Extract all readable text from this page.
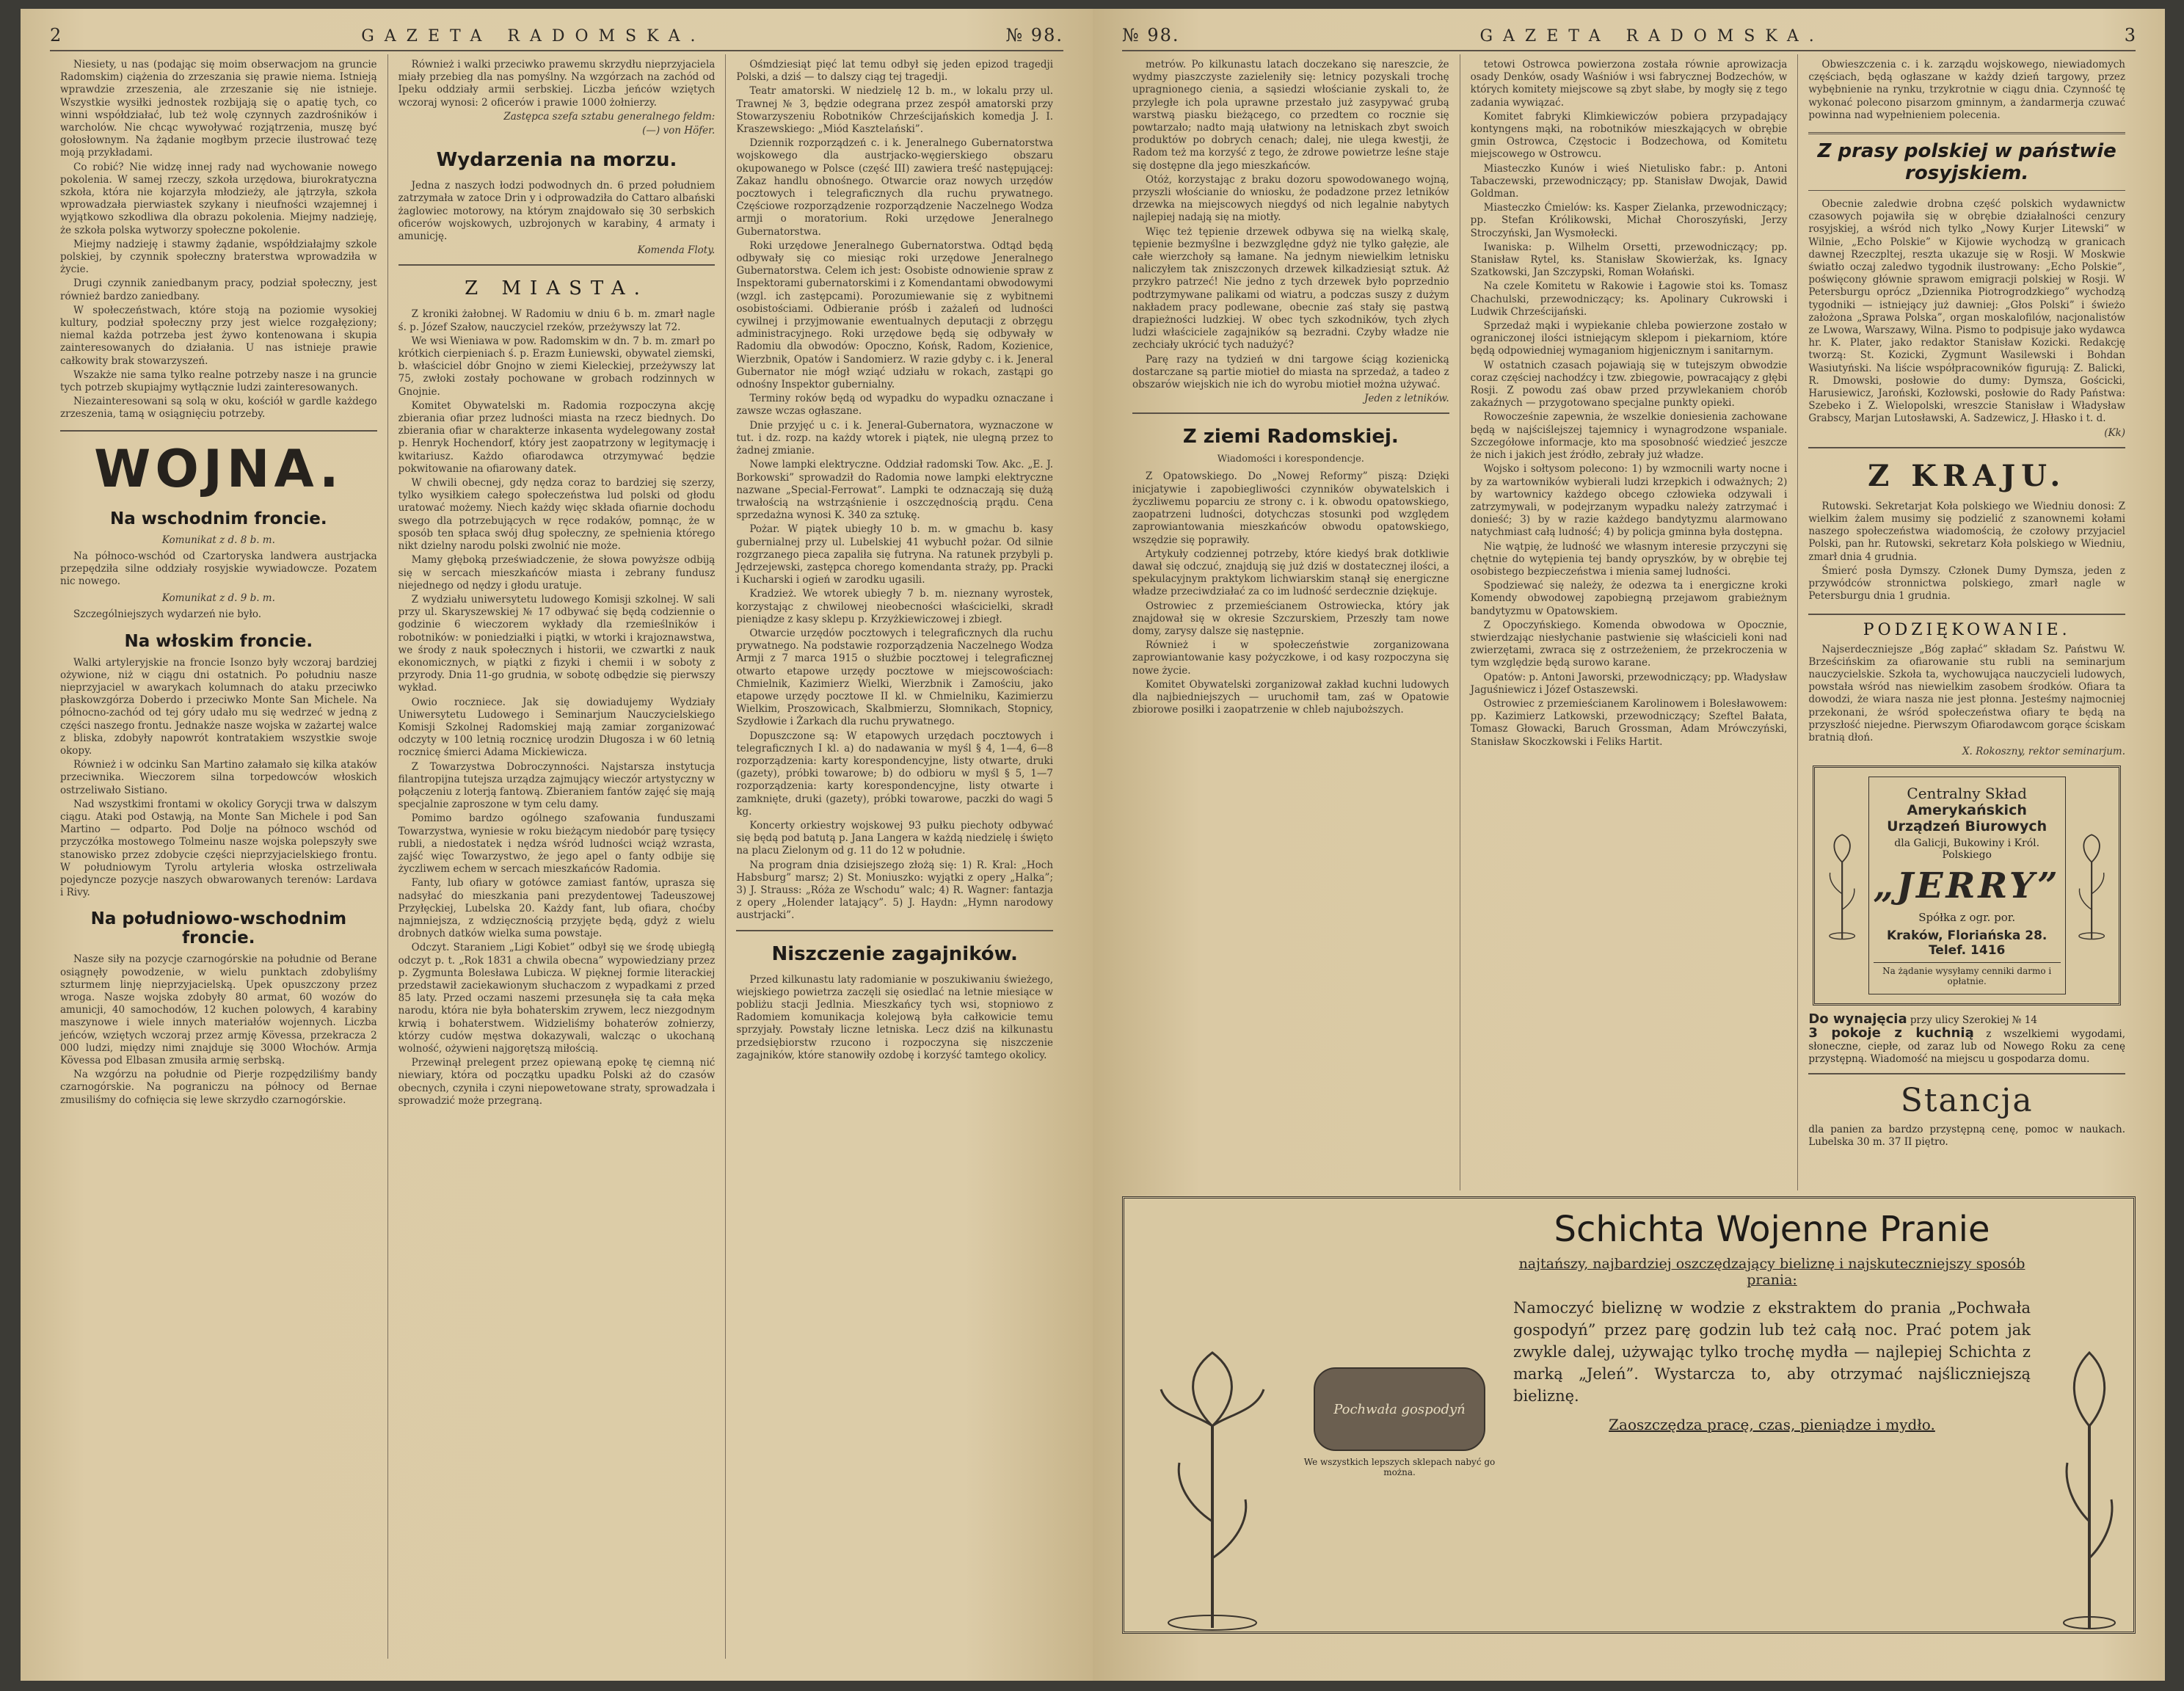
2	GAZETA RADOMSKA.	№ 98.

Niesiety, u nas (podając się moim obserwacjom na gruncie Radomskim) ciążenia do zrzeszania się prawie niema. Istnieją wprawdzie zrzeszenia, ale zrzeszanie się nie istnieje. Wszystkie wysiłki jednostek rozbijają się o apatię tych, co winni współdziałać, lub też wolę czynnych zazdrośników i warcholów. Nie chcąc wywoływać rozjątrzenia, muszę być gołosłownym. Na żądanie mogłbym przecie ilustrować tezę moją przykładami.

Co robić? Nie widzę innej rady nad wychowanie nowego pokolenia. W samej rzeczy, szkoła urzędowa, biurokratyczna szkoła, która nie kojarzyła młodzieży, ale jątrzyła, szkoła wprowadzała pierwiastek szykany i nieufności wzajemnej i wyjątkowo szkodliwa dla obrazu pokolenia. Miejmy nadzieję, że szkoła polska wytworzy społeczne pokolenie.

Miejmy nadzieję i stawmy żądanie, współdziałajmy szkole polskiej, by czynnik społeczny braterstwa wprowadziła w życie.

Drugi czynnik zaniedbanym pracy, podział społeczny, jest również bardzo zaniedbany.

W społeczeństwach, które stoją na poziomie wysokiej kultury, podział społeczny przy jest wielce rozgałęziony; niemal każda potrzeba jest żywo kontenowana i skupia zainteresowanych do działania. U nas istnieje prawie całkowity brak stowarzyszeń.

Wszakże nie sama tylko realne potrzeby nasze i na gruncie tych potrzeb skupiajmy wytłącznie ludzi zainteresowanych.

Niezainteresowani są solą w oku, kościół w gardle każdego zrzeszenia, tamą w osiągnięciu potrzeby.

WOJNA.
Na wschodnim froncie.
Komunikat z d. 8 b. m.

Na północo-wschód od Czartoryska landwera austrjacka przepędziła silne oddziały rosyjskie wywiadowcze. Pozatem nic nowego.

Komunikat z d. 9 b. m.

Szczególniejszych wydarzeń nie było.

Na włoskim froncie.

Walki artyleryjskie na froncie Isonzo były wczoraj bardziej ożywione, niż w ciągu dni ostatnich. Po południu nasze nieprzyjaciel w awarykach kolumnach do ataku przeciwko płaskowzgórza Doberdo i przeciwko Monte San Michele. Na północno-zachód od tej góry udało mu się wedrzeć w jedną z części naszego frontu. Jednakże nasze wojska w zażartej walce z bliska, zdobyły napowrót kontratakiem wszystkie swoje okopy.

Również i w odcinku San Martino załamało się kilka ataków przeciwnika. Wieczorem silna torpedowców włoskich ostrzeliwało Sistiano.

Nad wszystkimi frontami w okolicy Gorycji trwa w dalszym ciągu. Ataki pod Ostawją, na Monte San Michele i pod San Martino — odparto. Pod Dolje na północo wschód od przyczółka mostowego Tolmeinu nasze wojska polepszyły swe stanowisko przez zdobycie części nieprzyjacielskiego frontu. W południowym Tyrolu artyleria włoska ostrzeliwała pojedyncze pozycje naszych obwarowanych terenów: Lardava i Rivy.

Na południowo-wschodnim froncie.

Nasze siły na pozycje czarnogórskie na południe od Berane osiągnęły powodzenie, w wielu punktach zdobyliśmy szturmem linję nieprzyjacielską. Upek opuszczony przez wroga. Nasze wojska zdobyły 80 armat, 60 wozów do amunicji, 40 samochodów, 12 kuchen polowych, 4 karabiny maszynowe i wiele innych materiałów wojennych. Liczba jeńców, wziętych wczoraj przez armję Kövessa, przekracza 2 000 ludzi, między nimi znajduje się 3000 Włochów. Armja Kövessa pod Elbasan zmusiła armię serbską.

Na wzgórzu na południe od Pierje rozpędziliśmy bandy czarnogórskie. Na pograniczu na północy od Bernae zmusiliśmy do cofnięcia się lewe skrzydło czarnogórskie.

Również i walki przeciwko prawemu skrzydłu nieprzyjaciela miały przebieg dla nas pomyślny. Na wzgórzach na zachód od Ipeku oddziały armii serbskiej. Liczba jeńców wziętych wczoraj wynosi: 2 oficerów i prawie 1000 żołnierzy.

Zastępca szefa sztabu generalnego feldm:

(—) von Höfer.

Wydarzenia na morzu.

Jedna z naszych łodzi podwodnych dn. 6 przed południem zatrzymała w zatoce Drin y i odprowadziła do Cattaro albański żaglowiec motorowy, na którym znajdowało się 30 serbskich oficerów wojskowych, uzbrojonych w karabiny, 4 armaty i amunicję.

Komenda Floty.

Z MIASTA.

Z kroniki żałobnej. W Radomiu w dniu 6 b. m. zmarł nagle ś. p. Józef Szałow, nauczyciel rzeków, przeżywszy lat 72.

We wsi Wieniawa w pow. Radomskim w dn. 7 b. m. zmarł po krótkich cierpieniach ś. p. Erazm Łuniewski, obywatel ziemski, b. właściciel dóbr Gnojno w ziemi Kieleckiej, przeżywszy lat 75, zwłoki zostały pochowane w grobach rodzinnych w Gnojnie.

Komitet Obywatelski m. Radomia rozpoczyna akcję zbierania ofiar przez ludności miasta na rzecz biednych. Do zbierania ofiar w charakterze inkasenta wydelegowany został p. Henryk Hochendorf, który jest zaopatrzony w legitymację i kwitariusz. Każdo ofiarodawca otrzymywać będzie pokwitowanie na ofiarowany datek.

W chwili obecnej, gdy nędza coraz to bardziej się szerzy, tylko wysiłkiem całego społeczeństwa lud polski od głodu uratować możemy. Niech każdy więc składa ofiarnie dochodu swego dla potrzebujących w ręce rodaków, pomnąc, że w sposób ten spłaca swój dług społeczny, ze spełnienia którego nikt dzielny narodu polski zwolnić nie może.

Mamy głęboką przeświadczenie, że słowa powyższe odbiją się w sercach mieszkańców miasta i zebrany fundusz niejednego od nędzy i głodu uratuje.

Z wydziału uniwersytetu ludowego Komisji szkolnej. W sali przy ul. Skaryszewskiej № 17 odbywać się będą codziennie o godzinie 6 wieczorem wykłady dla rzemieślników i robotników: w poniedziałki i piątki, w wtorki i krajoznawstwa, we środy z nauk społecznych i historii, we czwartki z nauk ekonomicznych, w piątki z fizyki i chemii i w soboty z przyrody. Dnia 11-go grudnia, w sobotę odbędzie się pierwszy wykład.

Owio roczniece. Jak się dowiadujemy Wydziały Uniwersytetu Ludowego i Seminarjum Nauczycielskiego Komisji Szkolnej Radomskiej mają zamiar zorganizować odczyty w 100 letnią rocznicę urodzin Długosza i w 60 letnią rocznicę śmierci Adama Mickiewicza.

Z Towarzystwa Dobroczynności. Najstarsza instytucja filantropijna tutejsza urządza zajmujący wieczór artystyczny w połączeniu z loterją fantową. Zbieraniem fantów zajęć się mają specjalnie zaproszone w tym celu damy.

Pomimo bardzo ogólnego szafowania funduszami Towarzystwa, wyniesie w roku bieżącym niedobór parę tysięcy rubli, a niedostatek i nędza wśród ludności wciąż wzrasta, zajść więc Towarzystwo, że jego apel o fanty odbije się życzliwem echem w sercach mieszkańców Radomia.

Fanty, lub ofiary w gotówce zamiast fantów, uprasza się nadsyłać do mieszkania pani prezydentowej Tadeuszowej Przyłęckiej, Lubelska 20. Każdy fant, lub ofiara, choćby najmniejsza, z wdzięcznością przyjęte będą, gdyż z wielu drobnych datków wielka suma powstaje.

Odczyt. Staraniem „Ligi Kobiet” odbył się we środę ubiegłą odczyt p. t. „Rok 1831 a chwila obecna” wypowiedziany przez p. Zygmunta Bolesława Lubicza. W pięknej formie literackiej przedstawił zaciekawionym słuchaczom z wypadkami z przed 85 laty. Przed oczami naszemi przesunęła się ta cała męka narodu, która nie była bohaterskim zrywem, lecz niezgodnym krwią i bohaterstwem. Widzieliśmy bohaterów zołnierzy, którzy cudów męstwa dokazywali, walcząc o ukochaną wolność, ożywieni najgorętszą miłością.

Przewinął prelegent przez opiewaną epokę tę ciemną nić niewiary, która od początku upadku Polski aż do czasów obecnych, czyniła i czyni niepowetowane straty, sprowadzała i sprowadzić może przegraną.

Ośmdziesiąt pięć lat temu odbył się jeden epizod tragedji Polski, a dziś — to dalszy ciąg tej tragedji.

Teatr amatorski. W niedzielę 12 b. m., w lokalu przy ul. Trawnej № 3, będzie odegrana przez zespół amatorski przy Stowarzyszeniu Robotników Chrześcijańskich komedja J. I. Kraszewskiego: „Miód Kasztelański”.

Dziennik rozporządzeń c. i k. Jeneralnego Gubernatorstwa wojskowego dla austrjacko-węgierskiego obszaru okupowanego w Polsce (część III) zawiera treść następującej: Zakaz handlu obnośnego. Otwarcie oraz nowych urzędów pocztowych i telegraficznych dla ruchu prywatnego. Częściowe rozporządzenie rozporządzenie Naczelnego Wodza armji o moratorium. Roki urzędowe Jeneralnego Gubernatorstwa.

Roki urzędowe Jeneralnego Gubernatorstwa. Odtąd będą odbywały się co miesiąc roki urzędowe Jeneralnego Gubernatorstwa. Celem ich jest: Osobiste odnowienie spraw z Inspektorami gubernatorskimi i z Komendantami obwodowymi (wzgl. ich zastępcami). Porozumiewanie się z wybitnemi osobistościami. Odbieranie próśb i zażaleń od ludności cywilnej i przyjmowanie ewentualnych deputacji z obrzęgu administracyjnego. Roki urzędowe będą się odbywały w Radomiu dla obwodów: Opoczno, Końsk, Radom, Kozienice, Wierzbnik, Opatów i Sandomierz. W razie gdyby c. i k. Jeneral Gubernator nie mógł wziąć udziału w rokach, zastąpi go odnośny Inspektor gubernialny.

Terminy roków będą od wypadku do wypadku oznaczane i zawsze wczas ogłaszane.

Dnie przyjęć u c. i k. Jeneral-Gubernatora, wyznaczone w tut. i dz. rozp. na każdy wtorek i piątek, nie ulegną przez to żadnej zmianie.

Nowe lampki elektryczne. Oddział radomski Tow. Akc. „E. J. Borkowski” sprowadził do Radomia nowe lampki elektryczne nazwane „Special-Ferrowat”. Lampki te odznaczają się dużą trwałością na wstrząśnienie i oszczędnością prądu. Cena sprzedażna wynosi K. 340 za sztukę.

Pożar. W piątek ubiegły 10 b. m. w gmachu b. kasy gubernialnej przy ul. Lubelskiej 41 wybuchł pożar. Od silnie rozgrzanego pieca zapaliła się futryna. Na ratunek przybyli p. Jędrzejewski, zastępca chorego komendanta straży, pp. Pracki i Kucharski i ogień w zarodku ugasili.

Kradzież. We wtorek ubiegły 7 b. m. nieznany wyrostek, korzystając z chwilowej nieobecności właścicielki, skradł pieniądze z kasy sklepu p. Krzyżkiewiczowej i zbiegł.

Otwarcie urzędów pocztowych i telegraficznych dla ruchu prywatnego. Na podstawie rozporządzenia Naczelnego Wodza Armji z 7 marca 1915 o służbie pocztowej i telegraficznej otwarto etapowe urzędy pocztowe w miejscowościach: Chmielnik, Kazimierz Wielki, Wierzbnik i Zamościu, jako etapowe urzędy pocztowe II kl. w Chmielniku, Kazimierzu Wielkim, Proszowicach, Skalbmierzu, Słomnikach, Stopnicy, Szydłowie i Żarkach dla ruchu prywatnego.

Dopuszczone są: W etapowych urzędach pocztowych i telegraficznych I kl. a) do nadawania w myśl § 4, 1—4, 6—8 rozporządzenia: karty korespondencyjne, listy otwarte, druki (gazety), próbki towarowe; b) do odbioru w myśl § 5, 1—7 rozporządzenia: karty korespondencyjne, listy otwarte i zamknięte, druki (gazety), próbki towarowe, paczki do wagi 5 kg.

Koncerty orkiestry wojskowej 93 pułku piechoty odbywać się będą pod batutą p. Jana Langera w każdą niedzielę i święto na placu Zielonym od g. 11 do 12 w południe.

Na program dnia dzisiejszego złożą się: 1) R. Kral: „Hoch Habsburg” marsz; 2) St. Moniuszko: wyjątki z opery „Halka”; 3) J. Strauss: „Róża ze Wschodu” walc; 4) R. Wagner: fantazja z opery „Holender latający”. 5) J. Haydn: „Hymn narodowy austrjacki”.

Niszczenie zagajników.

Przed kilkunastu laty radomianie w poszukiwaniu świeżego, wiejskiego powietrza zaczęli się osiedlać na letnie miesiące w pobliżu stacji Jedlnia. Mieszkańcy tych wsi, stopniowo z Radomiem komunikacja kolejową była całkowicie temu sprzyjały. Powstały liczne letniska. Lecz dziś na kilkunastu przedsiębiorstw rzucono i rozpoczyna się niszczenie zagajników, które stanowiły ozdobę i korzyść tamtego okolicy.

№ 98.	GAZETA RADOMSKA.	3

metrów. Po kilkunastu latach doczekano się nareszcie, że wydmy piaszczyste zazieleniły się: letnicy pozyskali trochę upragnionego cienia, a sąsiedzi włościanie zyskali to, że przyległe ich pola uprawne przestało już zasypywać grubą warstwą piasku bieżącego, co przedtem co rocznie się powtarzało; nadto mają ułatwiony na letniskach zbyt swoich produktów po dobrych cenach; dalej, nie ulega kwestji, że Radom też ma korzyść z tego, że zdrowe powietrze leśne staje się dostępne dla jego mieszkańców.

Otóż, korzystając z braku dozoru spowodowanego wojną, przyszli włościanie do wniosku, że podadzone przez letników drzewka na miejscowych niegdyś od nich legalnie nabytych najlepiej nadają się na miotły.

Więc też tępienie drzewek odbywa się na wielką skalę, tępienie bezmyślne i bezwzględne gdyż nie tylko gałęzie, ale całe wierzchoły są łamane. Na jednym niewielkim letnisku naliczyłem tak zniszczonych drzewek kilkadziesiąt sztuk. Aż przykro patrzeć! Nie jedno z tych drzewek było poprzednio podtrzymywane palikami od wiatru, a podczas suszy z dużym nakładem pracy podlewane, obecnie zaś stały się pastwą drapieżności ludzkiej. W obec tych szkodników, tych złych ludzi właściciele zagajników są bezradni. Czyby władze nie zechciały ukrócić tych nadużyć?

Parę razy na tydzień w dni targowe ściąg kozienicką dostarczane są partie miotieł do miasta na sprzedaż, a tadeo z obszarów wiejskich nie ich do wyrobu miotieł można używać.

Jeden z letników.

Z ziemi Radomskiej.
Wiadomości i korespondencje.

Z Opatowskiego. Do „Nowej Reformy” piszą: Dzięki inicjatywie i zapobiegliwości czynników obywatelskich i życzliwemu poparciu ze strony c. i k. obwodu opatowskiego, zaopatrzeni ludności, dotychczas stosunki pod względem zaprowiantowania mieszkańców obwodu opatowskiego, wszędzie się poprawiły.

Artykuły codziennej potrzeby, które kiedyś brak dotkliwie dawał się odczuć, znajdują się już dziś w dostatecznej ilości, a spekulacyjnym praktykom lichwiarskim stanął się energiczne władze przeciwdziałać za co im ludność serdecznie dziękuje.

Ostrowiec z przemieścianem Ostrowiecka, który jak znajdował się w okresie Szczurskiem, Przeszły tam nowe domy, zarysy dalsze się następnie.

Również i w społeczeństwie zorganizowana zaprowiantowanie kasy pożyczkowe, i od kasy rozpoczyna się nowe życie.

Komitet Obywatelski zorganizował zakład kuchni ludowych dla najbiedniejszych — uruchomił tam, zaś w Opatowie zbiorowe posiłki i zaopatrzenie w chleb najuboższych.

tetowi Ostrowca powierzona została równie aprowizacja osady Denków, osady Waśniów i wsi fabrycznej Bodzechów, w których komitety miejscowe są zbyt słabe, by mogły się z tego zadania wywiązać.

Komitet fabryki Klimkiewiczów pobiera przypadający kontyngens mąki, na robotników mieszkających w obrębie gmin Ostrowca, Częstocic i Bodzechowa, od Komitetu miejscowego w Ostrowcu.

Miasteczko Kunów i wieś Nietulisko fabr.: p. Antoni Tabaczewski, przewodniczący; pp. Stanisław Dwojak, Dawid Goldman.

Miasteczko Ćmielów: ks. Kasper Zielanka, przewodniczący; pp. Stefan Królikowski, Michał Choroszyński, Jerzy Stroczyński, Jan Wysmołecki.

Iwaniska: p. Wilhelm Orsetti, przewodniczący; pp. Stanisław Rytel, ks. Stanisław Skowierżak, ks. Ignacy Szatkowski, Jan Szczypski, Roman Wołański.

Na czele Komitetu w Rakowie i Łagowie stoi ks. Tomasz Chachulski, przewodniczący; ks. Apolinary Cukrowski i Ludwik Chrześcijański.

Sprzedaż mąki i wypiekanie chleba powierzone zostało w ograniczonej ilości istniejącym sklepom i piekarniom, które będą odpowiedniej wymaganiom higjenicznym i sanitarnym.

W ostatnich czasach pojawiają się w tutejszym obwodzie coraz częściej nachodźcy i tzw. zbiegowie, powracający z głębi Rosji. Z powodu zaś obaw przed przywlekaniem chorób zakaźnych — przygotowano specjalne punkty opieki.

Rowocześnie zapewnia, że wszelkie doniesienia zachowane będą w najściślejszej tajemnicy i wynagrodzone wspaniale. Szczegółowe informacje, kto ma sposobność wiedzieć jeszcze że nich i jakich jest źródło, zebrały już władze.

Wojsko i sołtysom polecono: 1) by wzmocnili warty nocne i by za wartowników wybierali ludzi krzepkich i odważnych; 2) by wartownicy każdego obcego człowieka odzywali i zatrzymywali, w podejrzanym wypadku należy zatrzymać i donieść; 3) by w razie każdego bandytyzmu alarmowano natychmiast całą ludność; 4) by policja gminna była dostępna.

Nie wątpię, że ludność we własnym interesie przyczyni się chętnie do wytępienia tej bandy opryszków, by w obrębie tej osobistego bezpieczeństwa i mienia samej ludności.

Spodziewać się należy, że odezwa ta i energiczne kroki Komendy obwodowej zapobiegną przejawom grabieżnym bandytyzmu w Opatowskiem.

Z Opoczyńskiego. Komenda obwodowa w Opocznie, stwierdzając niesłychanie pastwienie się właścicieli koni nad zwierzętami, zwraca się z ostrzeżeniem, że przekroczenia w tym względzie będą surowo karane.

Opatów: p. Antoni Jaworski, przewodniczący; pp. Władysław Jaguśniewicz i Józef Ostaszewski.

Ostrowiec z przemieścianem Karolinowem i Bolesławowem: pp. Kazimierz Latkowski, przewodniczący; Szeftel Bałata, Tomasz Głowacki, Baruch Grossman, Adam Mrówczyński, Stanisław Skoczkowski i Feliks Hartit.

Obwieszczenia c. i k. zarządu wojskowego, niewiadomych częściach, będą ogłaszane w każdy dzień targowy, przez wybębnienie na rynku, trzykrotnie w ciągu dnia. Czynność tę wykonać polecono pisarzom gminnym, a żandarmerja czuwać powinna nad wypełnieniem polecenia.

Z prasy polskiej w państwie rosyjskiem.

Obecnie zaledwie drobna część polskich wydawnictw czasowych pojawiła się w obrębie działalności cenzury rosyjskiej, a wśród nich tylko „Nowy Kurjer Litewski” w Wilnie, „Echo Polskie” w Kijowie wychodzą w granicach dawnej Rzeczpltej, reszta ukazuje się w Rosji. W Moskwie światło oczaj zaledwo tygodnik ilustrowany: „Echo Polskie”, poświęcony głównie sprawom emigracji polskiej w Rosji. W Petersburgu oprócz „Dziennika Piotrogrodzkiego” wychodzą tygodniki — istniejący już dawniej: „Głos Polski” i świeżo założona „Sprawa Polska”, organ moskalofilów, nacjonalistów ze Lwowa, Warszawy, Wilna. Pismo to podpisuje jako wydawca hr. K. Plater, jako redaktor Stanisław Kozicki. Redakcję tworzą: St. Kozicki, Zygmunt Wasilewski i Bohdan Wasiutyński. Na liście współpracowników figurują: Z. Balicki, R. Dmowski, posłowie do dumy: Dymsza, Gościcki, Harusiewicz, Jaroński, Kozłowski, posłowie do Rady Państwa: Szebeko i Z. Wielopolski, wreszcie Stanisław i Władysław Grabscy, Marjan Lutosławski, A. Sadzewicz, J. Hłasko i t. d.

(Kk)

Z KRAJU.

Rutowski. Sekretarjat Koła polskiego we Wiedniu donosi: Z wielkim żalem musimy się podzielić z szanownemi kołami naszego społeczeństwa wiadomością, że czołowy przyjaciel Polski, pan hr. Rutowski, sekretarz Koła polskiego w Wiedniu, zmarł dnia 4 grudnia.

Śmierć posła Dymszy. Członek Dumy Dymsza, jeden z przywódców stronnictwa polskiego, zmarł nagle w Petersburgu dnia 1 grudnia.

PODZIĘKOWANIE.

Najserdeczniejsze „Bóg zapłać” składam Sz. Państwu W. Brześcińskim za ofiarowanie stu rubli na seminarjum nauczycielskie. Szkoła ta, wychowująca nauczycieli ludowych, powstała wśród nas niewielkim zasobem środków. Ofiara ta dowodzi, że wiara nasza nie jest płonna. Jesteśmy najmocniej przekonani, że wśród społeczeństwa ofiary te będą na przyszłość niejedne. Pierwszym Ofiarodawcom gorące ściskam bratnią dłoń.

X. Rokoszny, rektor seminarjum.

Centralny Skład
Amerykańskich Urządzeń Biurowych
dla Galicji, Bukowiny i Król. Polskiego
„JERRY”
Spółka z ogr. por.
Kraków, Floriańska 28. Telef. 1416
Na żądanie wysyłamy cenniki darmo i opłatnie.

Do wynajęcia przy ulicy Szerokiej № 14
3 pokoje z kuchnią z wszelkiemi wygodami, słoneczne, ciepłe, od zaraz lub od Nowego Roku za cenę przystępną. Wiadomość na miejscu u gospodarza domu.

Stancja

dla panien za bardzo przystępną cenę, pomoc w naukach. Lubelska 30 m. 37 II piętro.

Pochwała gospodyń
We wszystkich lepszych sklepach nabyć go można.
Schichta Wojenne Pranie
najtańszy, najbardziej oszczędzający bieliznę i najskuteczniejszy sposób prania:
Namoczyć bieliznę w wodzie z ekstraktem do prania „Pochwała gospodyń” przez parę godzin lub też całą noc. Prać potem jak zwykle dalej, używając tylko trochę mydła — najlepiej Schichta z marką „Jeleń”. Wystarcza to, aby otrzymać najśliczniejszą bieliznę.
Zaoszczędza pracę, czas, pieniądze i mydło.
